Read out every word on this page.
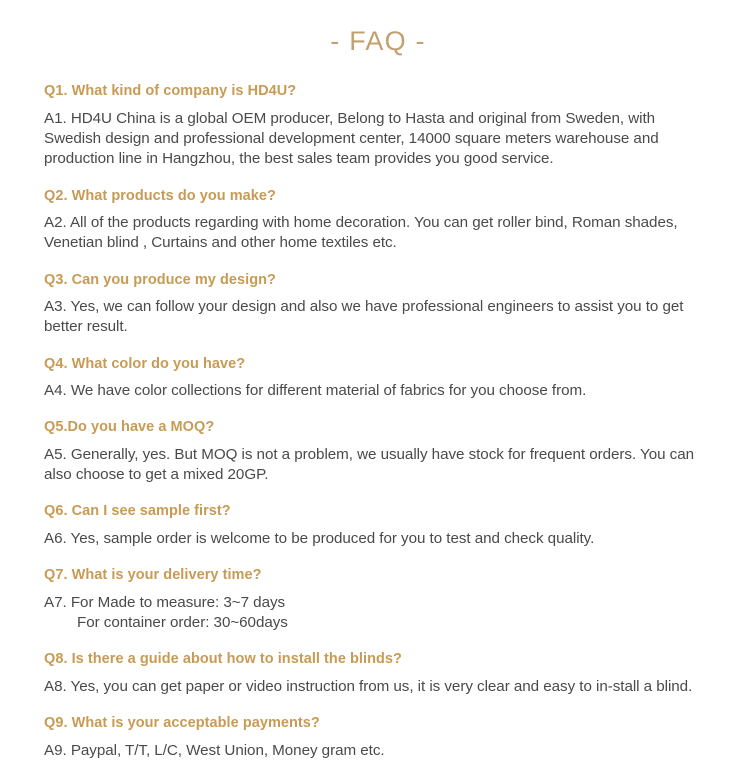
- FAQ -
Q1. What kind of company is HD4U?
A1. HD4U China is a global OEM producer, Belong to Hasta and original from Sweden, with Swedish design and professional development center, 14000 square meters warehouse and production line in Hangzhou, the best sales team provides you good service.
Q2. What products do you make?
A2. All of the products regarding with home decoration. You can get roller bind, Roman shades, Venetian blind , Curtains and other home textiles etc.
Q3. Can you produce my design?
A3. Yes, we can follow your design and also we have professional engineers to assist you to get better result.
Q4. What color do you have?
A4. We have color collections for different material of fabrics for you choose from.
Q5.Do you have a MOQ?
A5. Generally, yes. But MOQ is not a problem, we usually have stock for frequent orders. You can also choose to get a mixed 20GP.
Q6. Can I see sample first?
A6. Yes, sample order is welcome to be produced for you to test and check quality.
Q7. What is your delivery time?
A7. For Made to measure: 3~7 days
For container order: 30~60days
Q8. Is there a guide about how to install the blinds?
A8. Yes, you can get paper or video instruction from us, it is very clear and easy to in-stall a blind.
Q9. What is your acceptable payments?
A9. Paypal, T/T, L/C, West Union, Money gram etc.
